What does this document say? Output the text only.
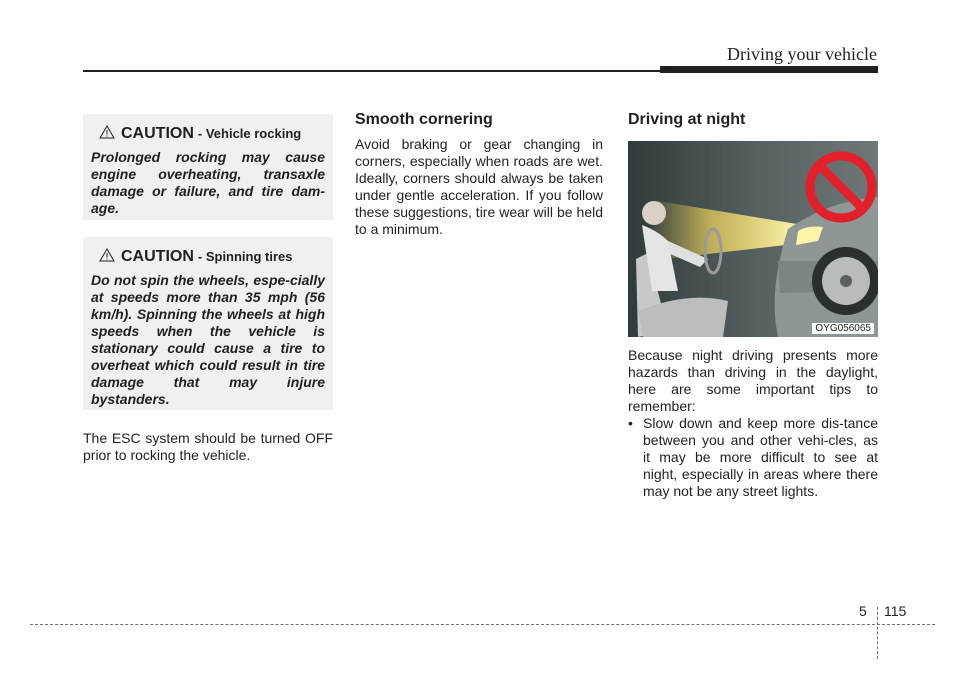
Driving your vehicle
CAUTION - Vehicle rocking
Prolonged rocking may cause engine overheating, transaxle damage or failure, and tire dam-age.
CAUTION - Spinning tires
Do not spin the wheels, espe-cially at speeds more than 35 mph (56 km/h). Spinning the wheels at high speeds when the vehicle is stationary could cause a tire to overheat which could result in tire damage that may injure bystanders.
The ESC system should be turned OFF prior to rocking the vehicle.
Smooth cornering
Avoid braking or gear changing in corners, especially when roads are wet. Ideally, corners should always be taken under gentle acceleration. If you follow these suggestions, tire wear will be held to a minimum.
Driving at night
OYG056065
Because night driving presents more hazards than driving in the daylight, here are some important tips to remember:
• Slow down and keep more dis-tance between you and other vehi-cles, as it may be more difficult to see at night, especially in areas where there may not be any street lights.
5 115
